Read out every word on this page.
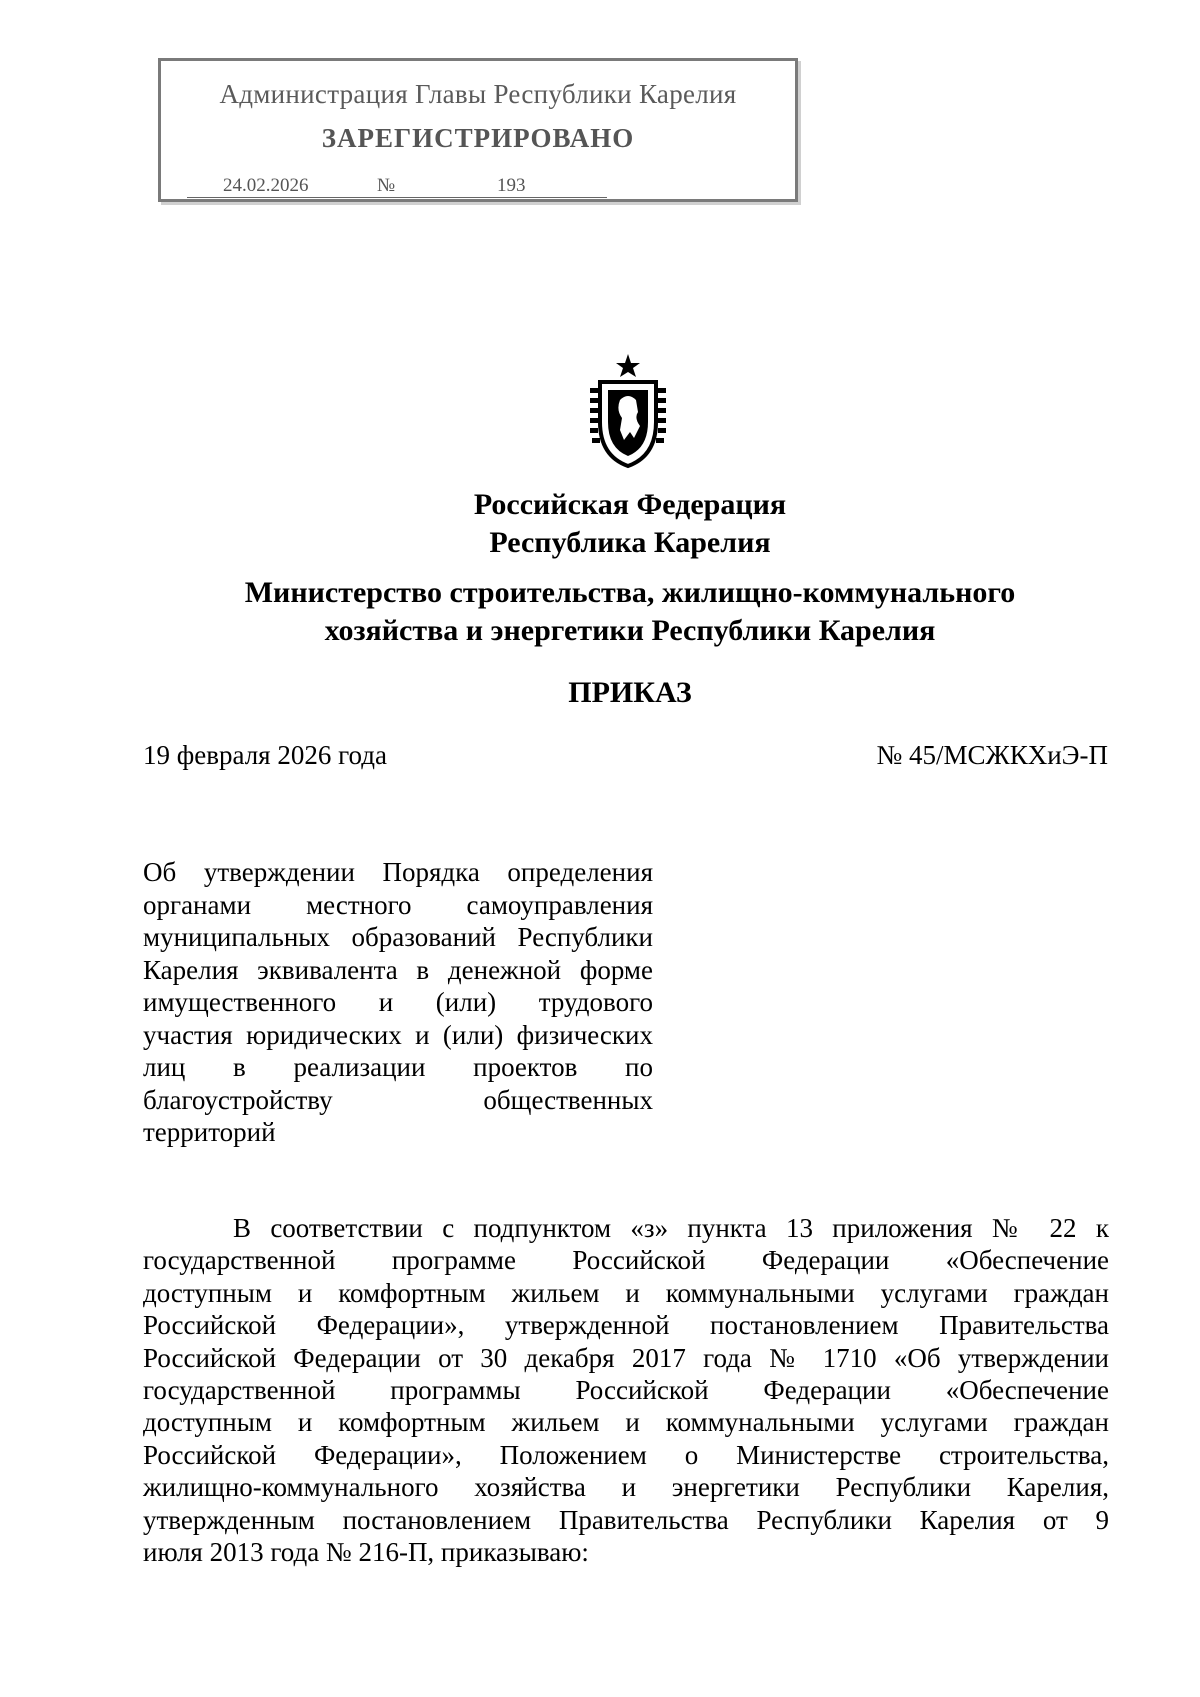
Администрация Главы Республики Карелия
ЗАРЕГИСТРИРОВАНО
24.02.2026	№	193
Российская Федерация
Республика Карелия
Министерство строительства, жилищно-коммунального
хозяйства и энергетики Республики Карелия
ПРИКАЗ
19 февраля 2026 года	№ 45/МСЖКХиЭ-П
Об утверждении Порядка определения
органами местного самоуправления
муниципальных образований Республики
Карелия эквивалента в денежной форме
имущественного и (или) трудового
участия юридических и (или) физических
лиц в реализации проектов по
благоустройству общественных
территорий
В соответствии с подпунктом «з» пункта 13 приложения № 22 к
государственной программе Российской Федерации «Обеспечение
доступным и комфортным жильем и коммунальными услугами граждан
Российской Федерации», утвержденной постановлением Правительства
Российской Федерации от 30 декабря 2017 года № 1710 «Об утверждении
государственной программы Российской Федерации «Обеспечение
доступным и комфортным жильем и коммунальными услугами граждан
Российской Федерации», Положением о Министерстве строительства,
жилищно-коммунального хозяйства и энергетики Республики Карелия,
утвержденным постановлением Правительства Республики Карелия от 9
июля 2013 года № 216-П, приказываю:
